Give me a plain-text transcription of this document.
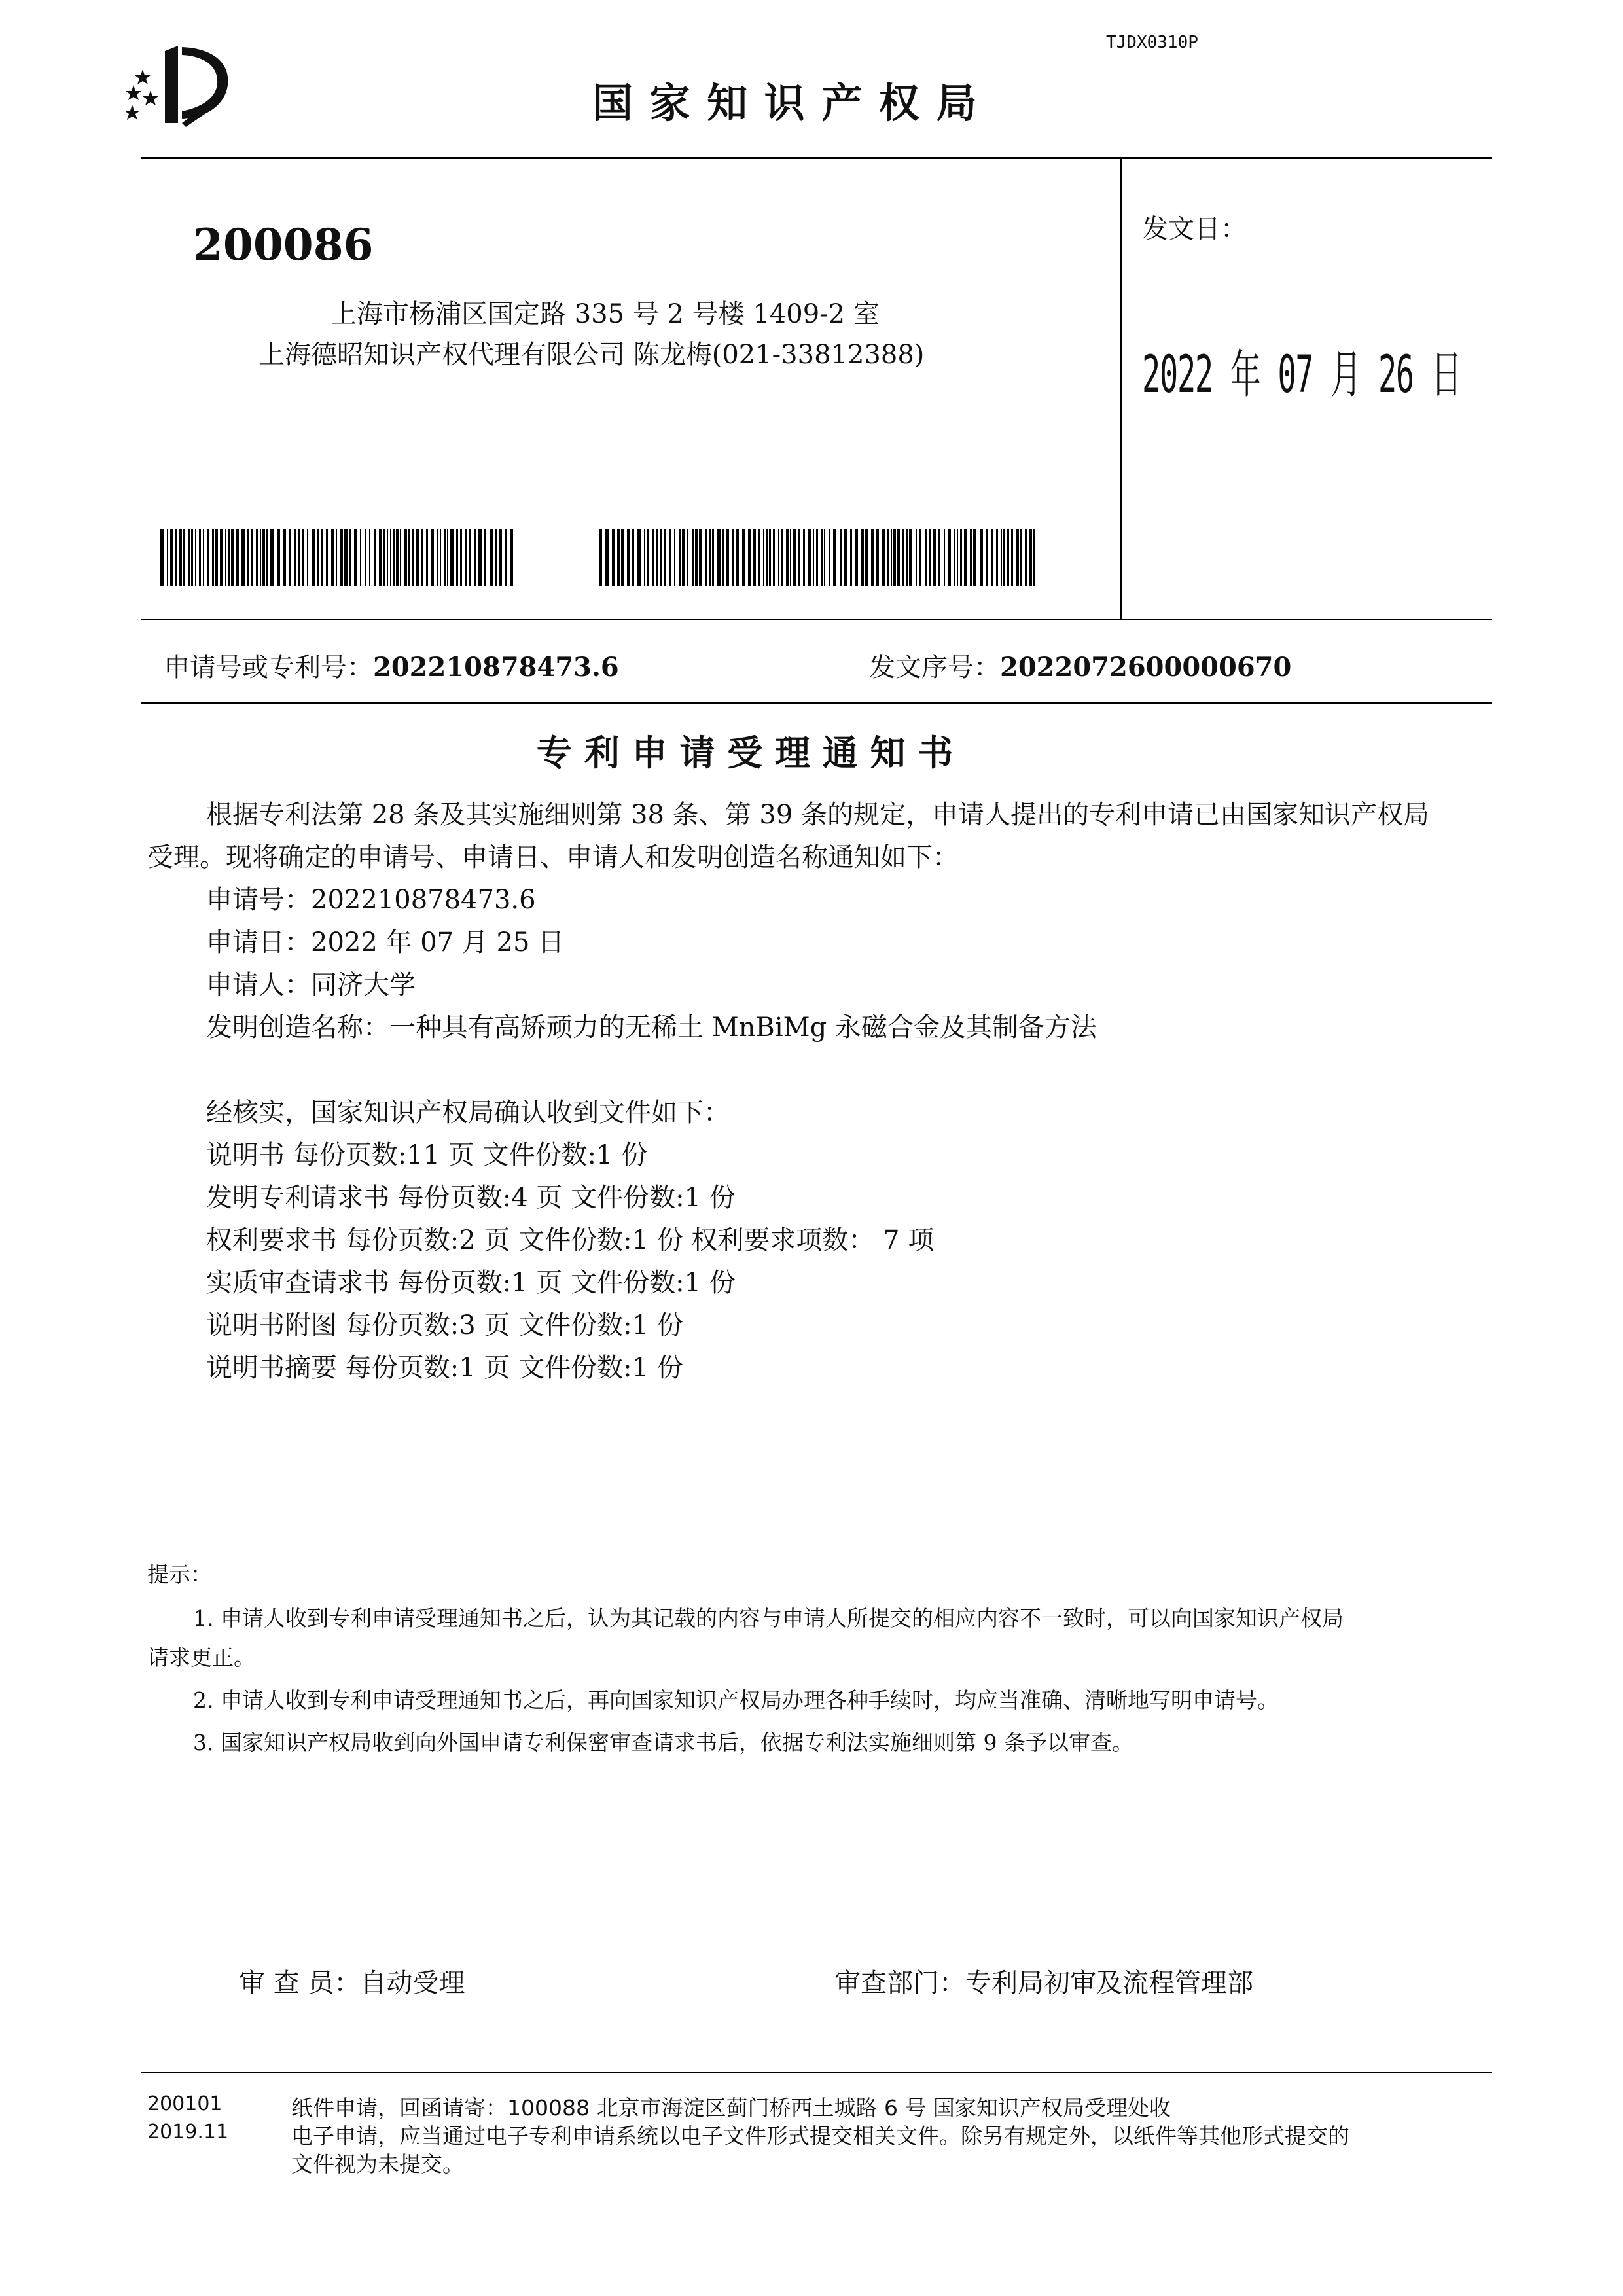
TJDX0310P
国 家 知 识 产 权 局
200086
上海市杨浦区国定路 335 号 2 号楼 1409-2 室
上海德昭知识产权代理有限公司 陈龙梅(021-33812388)
发文日：
2022 年 07 月 26 日
申请号或专利号：202210878473.6	发文序号：2022072600000670
专 利 申 请 受 理 通 知 书
根据专利法第 28 条及其实施细则第 38 条、第 39 条的规定，申请人提出的专利申请已由国家知识产权局
受理。现将确定的申请号、申请日、申请人和发明创造名称通知如下：
申请号：202210878473.6
申请日：2022 年 07 月 25 日
申请人：同济大学
发明创造名称：一种具有高矫顽力的无稀土 MnBiMg 永磁合金及其制备方法
经核实，国家知识产权局确认收到文件如下：
说明书 每份页数:11 页 文件份数:1 份
发明专利请求书 每份页数:4 页 文件份数:1 份
权利要求书 每份页数:2 页 文件份数:1 份 权利要求项数： 7 项
实质审查请求书 每份页数:1 页 文件份数:1 份
说明书附图 每份页数:3 页 文件份数:1 份
说明书摘要 每份页数:1 页 文件份数:1 份
提示：
1. 申请人收到专利申请受理通知书之后，认为其记载的内容与申请人所提交的相应内容不一致时，可以向国家知识产权局
请求更正。
2. 申请人收到专利申请受理通知书之后，再向国家知识产权局办理各种手续时，均应当准确、清晰地写明申请号。
3. 国家知识产权局收到向外国申请专利保密审查请求书后，依据专利法实施细则第 9 条予以审查。
审 查 员：自动受理	审查部门：专利局初审及流程管理部
200101
2019.11
纸件申请，回函请寄：100088 北京市海淀区蓟门桥西土城路 6 号 国家知识产权局受理处收
电子申请，应当通过电子专利申请系统以电子文件形式提交相关文件。除另有规定外，以纸件等其他形式提交的
文件视为未提交。
